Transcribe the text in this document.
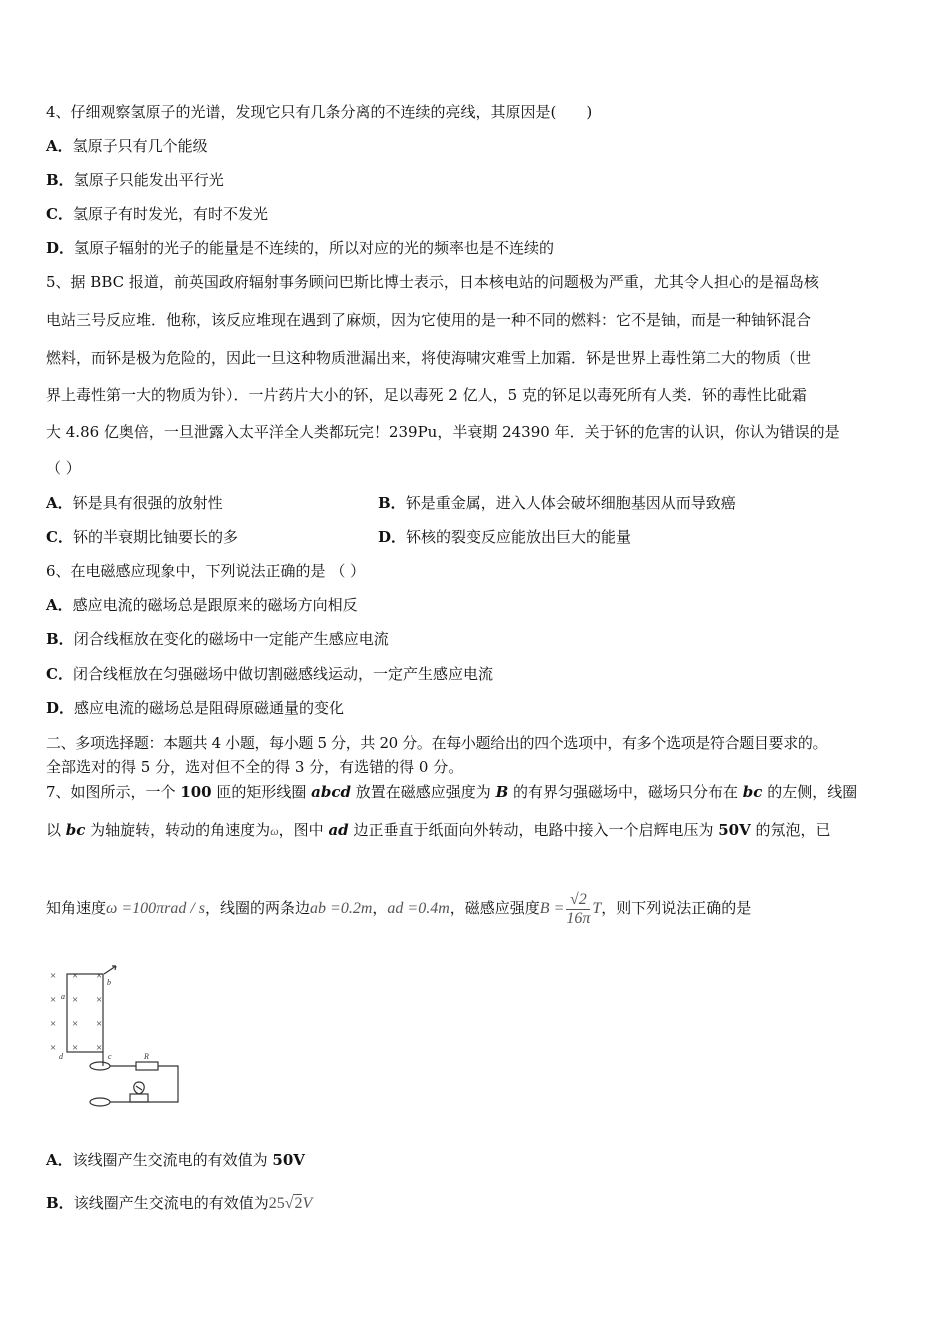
4、仔细观察氢原子的光谱，发现它只有几条分离的不连续的亮线，其原因是(　　)
A．氢原子只有几个能级
B．氢原子只能发出平行光
C．氢原子有时发光，有时不发光
D．氢原子辐射的光子的能量是不连续的，所以对应的光的频率也是不连续的
5、据 BBC 报道，前英国政府辐射事务顾问巴斯比博士表示，日本核电站的问题极为严重，尤其令人担心的是福岛核
电站三号反应堆．他称，该反应堆现在遇到了麻烦，因为它使用的是一种不同的燃料：它不是铀，而是一种铀钚混合
燃料，而钚是极为危险的，因此一旦这种物质泄漏出来，将使海啸灾难雪上加霜．钚是世界上毒性第二大的物质（世
界上毒性第一大的物质为钋）．一片药片大小的钚，足以毒死 2 亿人，5 克的钚足以毒死所有人类．钚的毒性比砒霜
大 4.86 亿奥倍，一旦泄露入太平洋全人类都玩完！239Pu，半衰期 24390 年．关于钚的危害的认识，你认为错误的是
（ ）
A．钚是具有很强的放射性	B．钚是重金属，进入人体会破坏细胞基因从而导致癌
C．钚的半衰期比铀要长的多	D．钚核的裂变反应能放出巨大的能量
6、在电磁感应现象中，下列说法正确的是 （ ）
A．感应电流的磁场总是跟原来的磁场方向相反
B．闭合线框放在变化的磁场中一定能产生感应电流
C．闭合线框放在匀强磁场中做切割磁感线运动，一定产生感应电流
D．感应电流的磁场总是阻碍原磁通量的变化
二、多项选择题：本题共 4 小题，每小题 5 分，共 20 分。在每小题给出的四个选项中，有多个选项是符合题目要求的。
全部选对的得 5 分，选对但不全的得 3 分，有选错的得 0 分。
7、如图所示，一个 100 匝的矩形线圈 abcd 放置在磁感应强度为 B 的有界匀强磁场中，磁场只分布在 bc 的左侧，线圈
以 bc 为轴旋转，转动的角速度为ω，图中 ad 边正垂直于纸面向外转动，电路中接入一个启辉电压为 50V 的氖泡，已
知角速度ω =100πrad / s，线圈的两条边ab =0.2m，ad =0.4m，磁感应强度$B = \frac{√2}{16\pi}$ T，则下列说法正确的是
× × ×
× × ×
× × ×
× × ×
a
b
c
d	R
A．该线圈产生交流电的有效值为 50V
B．该线圈产生交流电的有效值为25√2V
